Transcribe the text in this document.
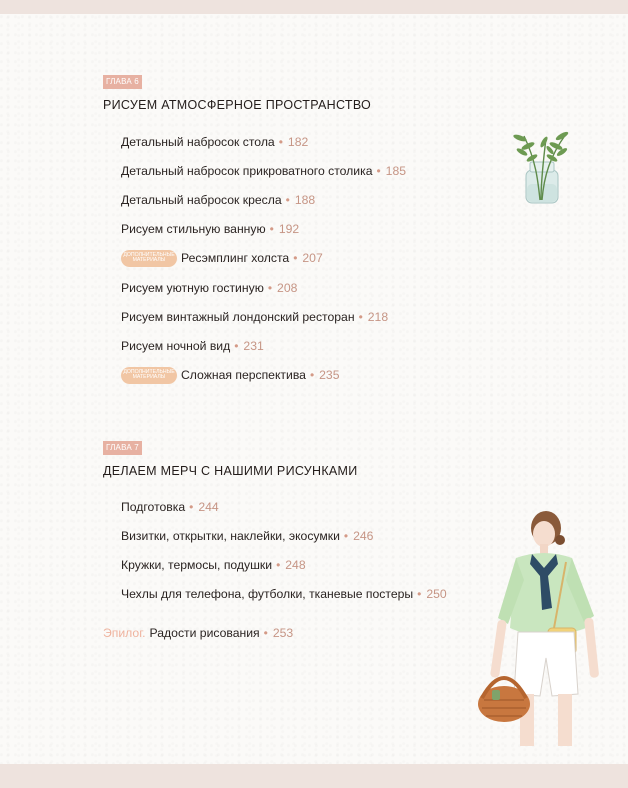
ГЛАВА 6
РИСУЕМ АТМОСФЕРНОЕ ПРОСТРАНСТВО
Детальный набросок стола • 182
Детальный набросок прикроватного столика • 185
Детальный набросок кресла • 188
Рисуем стильную ванную • 192
ДОПОЛНИТЕЛЬНЫЕ
МАТЕРИАЛЫ Ресэмплинг холста • 207
Рисуем уютную гостиную • 208
Рисуем винтажный лондонский ресторан • 218
Рисуем ночной вид • 231
ДОПОЛНИТЕЛЬНЫЕ
МАТЕРИАЛЫ Сложная перспектива • 235
ГЛАВА 7
ДЕЛАЕМ МЕРЧ С НАШИМИ РИСУНКАМИ
Подготовка • 244
Визитки, открытки, наклейки, экосумки • 246
Кружки, термосы, подушки • 248
Чехлы для телефона, футболки, тканевые постеры • 250
Эпилог. Радости рисования • 253
